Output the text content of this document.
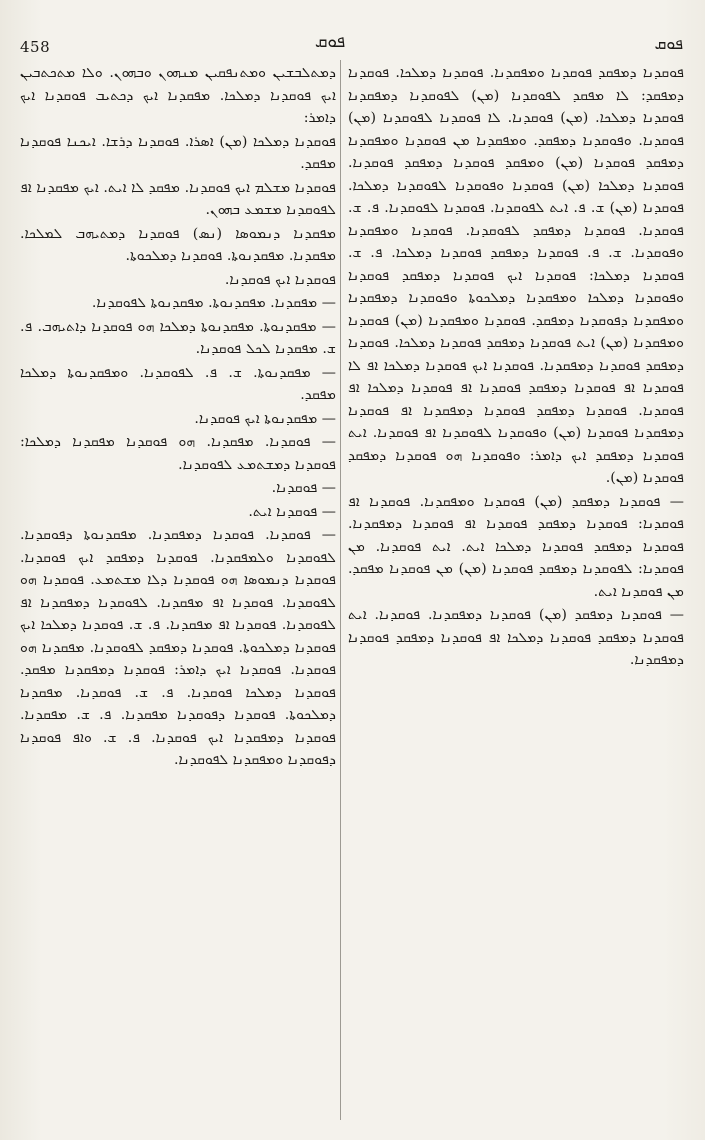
458	ܦܘܩ	ܦܘܩ

ܦܘܩܕܢܐ ܕܡܦܩܕ ܦܘܩܕܢܐ ܘܡܦܩܕܢܐ. ܦܘܩܕܢܐ ܕܡܠܟܐ. ܦܘܩܕܢܐ ܕܡܦܩܕ: ܠܐ ܡܦܩܕ ܠܦܘܩܕܢܐ (ܡܢ) ܠܦܘܩܕܢܐ ܕܡܦܩܕܢܐ ܦܘܩܕܢܐ ܕܡܠܟܐ. (ܡܢ) ܦܘܩܕܢܐ. ܠܐ ܦܘܩܕܢܐ ܠܦܘܩܕܢܐ (ܡܢ) ܦܘܩܕܢܐ. ܘܦܘܩܕܢܐ ܕܡܦܩܕ. ܘܡܦܩܕܢܐ ܡܢ ܦܘܩܕܢܐ ܘܡܦܩܕܢܐ ܕܡܦܩܕ ܦܘܩܕܢܐ (ܡܢ) ܘܡܦܩܕ ܦܘܩܕܢܐ ܕܡܦܩܕ ܦܘܩܕܢܐ. ܦܘܩܕܢܐ ܕܡܠܟܐ (ܡܢ) ܦܘܩܕܢܐ ܘܦܘܩܕܢܐ ܠܦܘܩܕܢܐ ܕܡܠܟܐ. ܦܘܩܕܢܐ (ܡܢ) ܫ. ܦ. ܐܝܬ ܠܦܘܩܕܢܐ. ܦܘܩܕܢܐ ܠܦܘܩܕܢܐ. ܦ. ܫ. ܦܘܩܕܢܐ. ܦܘܩܕܢܐ ܕܡܦܩܕ ܠܦܘܩܕܢܐ. ܦܘܩܕܢܐ ܘܡܦܩܕܢܐ ܘܦܘܩܕܢܐ. ܫ. ܦ. ܦܘܩܕܢܐ ܕܡܦܩܕ ܦܘܩܕܢܐ ܕܡܠܟܐ. ܦ. ܫ. ܦܘܩܕܢܐ ܕܡܠܟܐ: ܦܘܩܕܢܐ ܐܝܟ ܦܘܩܕܢܐ ܕܡܦܩܕ ܦܘܩܕܢܐ ܘܦܘܩܕܢܐ ܕܡܠܟܐ ܘܡܦܩܕܢܐ ܕܡܠܟܘܬܐ ܘܦܘܩܕܢܐ ܕܡܦܩܕܢܐ ܘܡܦܩܕܢܐ ܕܦܘܩܕܢܐ ܕܡܦܩܕ. ܦܘܩܕܢܐ ܘܡܦܩܕܢܐ (ܡܢ) ܦܘܩܕܢܐ ܘܡܦܩܕܢܐ (ܡܢ) ܐܝܬ ܦܘܩܕܢܐ ܕܡܦܩܕ ܦܘܩܕܢܐ ܕܡܠܟܐ. ܦܘܩܕܢܐ ܕܡܦܩܕ ܦܘܩܕܢܐ ܕܡܦܩܕܢܐ. ܦܘܩܕܢܐ ܐܝܟ ܦܘܩܕܢܐ ܕܡܠܟܐ ܐܦ ܠܐ ܦܘܩܕܢܐ ܐܦ ܦܘܩܕܢܐ ܕܡܦܩܕ ܦܘܩܕܢܐ ܐܦ ܦܘܩܕܢܐ ܕܡܠܟܐ ܐܦ ܦܘܩܕܢܐ. ܦܘܩܕܢܐ ܕܡܦܩܕ ܦܘܩܕܢܐ ܕܡܦܩܕܢܐ ܐܦ ܦܘܩܕܢܐ ܕܡܦܩܕܢܐ ܦܘܩܕܢܐ (ܡܢ) ܘܦܘܩܕܢܐ ܠܦܘܩܕܢܐ ܐܦ ܦܘܩܕܢܐ. ܐܝܬ ܦܘܩܕܢܐ ܕܡܦܩܕ ܐܝܟ ܕܐܡܪ: ܘܦܘܩܕܢܐ ܗܘ ܦܘܩܕܢܐ ܕܡܦܩܕ ܦܘܩܕܢܐ (ܡܢ).

— ܦܘܩܕܢܐ ܕܡܦܩܕ (ܡܢ) ܦܘܩܕܢܐ ܘܡܦܩܕܢܐ. ܦܘܩܕܢܐ ܐܦ ܦܘܩܕܢܐ: ܦܘܩܕܢܐ ܕܡܦܩܕ ܦܘܩܕܢܐ ܐܦ ܦܘܩܕܢܐ ܕܡܦܩܕܢܐ. ܦܘܩܕܢܐ ܕܡܦܩܕ ܦܘܩܕܢܐ ܕܡܠܟܐ ܐܝܬ. ܐܝܬ ܦܘܩܕܢܐ. ܡܢ ܦܘܩܕܢܐ: ܠܦܘܩܕܢܐ ܕܡܦܩܕ ܦܘܩܕܢܐ (ܡܢ) ܡܢ ܦܘܩܕܢܐ ܡܦܩܕ. ܡܢ ܦܘܩܕܢܐ ܐܝܬ.

— ܦܘܩܕܢܐ ܕܡܦܩܕ (ܡܢ) ܦܘܩܕܢܐ ܕܡܦܩܕܢܐ. ܦܘܩܕܢܐ. ܐܝܬ ܦܘܩܕܢܐ ܕܡܦܩܕ ܦܘܩܕܢܐ ܕܡܠܟܐ ܐܦ ܦܘܩܕܢܐ ܕܡܦܩܕ ܦܘܩܕܢܐ ܕܡܦܩܕܢܐ.

ܕܡܬܠܒܫܝܢ ܘܡܬܢܦܩܝܢ ܡܢܗܘܢ ܘܒܗܘܢ. ܘܠܐ ܡܬܟܬܒܝܢ ܐܝܟ ܦܘܩܕܢܐ ܕܡܠܟܐ. ܡܦܩܕܢܐ ܐܝܟ ܕܟܬܝܒ ܦܘܩܕܢܐ ܐܝܟ ܕܐܡܪ:

ܦܘܩܕܢܐ ܕܡܠܟܐ (ܡܢ) ܐܣܪܐ. ܦܘܩܕܢܐ ܕܪܫܐ. ܐܝܟܢܐ ܦܘܩܕܢܐ ܡܦܩܕ.

ܦܘܩܕܢܐ ܡܫܠܡ ܐܝܟ ܦܘܩܕܢܐ. ܡܦܩܕ ܠܐ ܐܝܬ. ܐܝܟ ܡܦܩܕܢܐ ܐܦ ܠܦܘܩܕܢܐ ܡܫܡܥ ܒܗܘܢ.

ܡܦܩܕܢܐ ܕܢܡܘܣܐ (ܢܣ) ܦܘܩܕܢܐ ܕܡܬܝܗܒ ܠܡܠܟܐ. ܡܦܩܕܢܐ. ܡܦܩܕܢܘܬܐ. ܦܘܩܕܢܐ ܕܡܠܟܘܬܐ.

ܦܘܩܕܢܐ ܐܝܟ ܦܘܩܕܢܐ.

— ܡܦܩܕܢܐ. ܡܦܩܕܢܘܬܐ. ܡܦܩܕܢܘܬܐ ܠܦܘܩܕܢܐ.

— ܡܦܩܕܢܘܬܐ. ܡܦܩܕܢܘܬܐ ܕܡܠܟܐ ܗܘ ܦܘܩܕܢܐ ܕܐܬܝܗܒ. ܦ. ܫ. ܡܦܩܕܢܐ ܠܟܠ ܦܘܩܕܢܐ.

— ܡܦܩܕܢܘܬܐ. ܫ. ܦ. ܠܦܘܩܕܢܐ. ܘܡܦܩܕܢܘܬܐ ܕܡܠܟܐ ܡܦܩܕ.

— ܡܦܩܕܢܘܬܐ ܐܝܟ ܦܘܩܕܢܐ.

— ܦܘܩܕܢܐ. ܡܦܩܕܢܐ. ܗܘ ܦܘܩܕܢܐ ܡܦܩܕܢܐ ܕܡܠܟܐ: ܦܘܩܕܢܐ ܕܡܫܬܡܥ ܠܦܘܩܕܢܐ.

— ܦܘܩܕܢܐ.

— ܦܘܩܕܢܐ ܐܝܬ.

— ܦܘܩܕܢܐ. ܦܘܩܕܢܐ ܕܡܦܩܕܢܐ. ܡܦܩܕܢܘܬܐ ܕܦܘܩܕܢܐ. ܠܦܘܩܕܢܐ ܘܠܡܦܩܕܢܐ. ܦܘܩܕܢܐ ܕܡܦܩܕ ܐܝܟ ܦܘܩܕܢܐ. ܦܘܩܕܢܐ ܕܢܡܘܣܐ ܗܘ ܦܘܩܕܢܐ ܕܠܐ ܡܫܬܡܥ. ܦܘܩܕܢܐ ܗܘ ܠܦܘܩܕܢܐ. ܦܘܩܕܢܐ ܐܦ ܡܦܩܕܢܐ. ܠܦܘܩܕܢܐ ܕܡܦܩܕܢܐ ܐܦ ܠܦܘܩܕܢܐ. ܦܘܩܕܢܐ ܐܦ ܡܦܩܕܢܐ. ܦ. ܫ. ܦܘܩܕܢܐ ܕܡܠܟܐ ܐܝܟ ܦܘܩܕܢܐ ܕܡܠܟܘܬܐ. ܦܘܩܕܢܐ ܕܡܦܩܕ ܠܦܘܩܕܢܐ. ܡܦܩܕܢܐ ܗܘ ܦܘܩܕܢܐ. ܦܘܩܕܢܐ ܐܝܟ ܕܐܡܪ: ܦܘܩܕܢܐ ܕܡܦܩܕܢܐ ܡܦܩܕ. ܦܘܩܕܢܐ ܕܡܠܟܐ ܦܘܩܕܢܐ. ܦ. ܫ. ܦܘܩܕܢܐ. ܡܦܩܕܢܐ ܕܡܠܟܘܬܐ. ܦܘܩܕܢܐ ܕܦܘܩܕܢܐ ܡܦܩܕܢܐ. ܦ. ܫ. ܡܦܩܕܢܐ. ܦܘܩܕܢܐ ܕܡܦܩܕܢܐ ܐܝܟ ܦܘܩܕܢܐ. ܦ. ܫ. ܘܐܦ ܦܘܩܕܢܐ ܕܦܘܩܕܢܐ ܘܡܦܩܕܢܐ ܠܦܘܩܕܢܐ.
